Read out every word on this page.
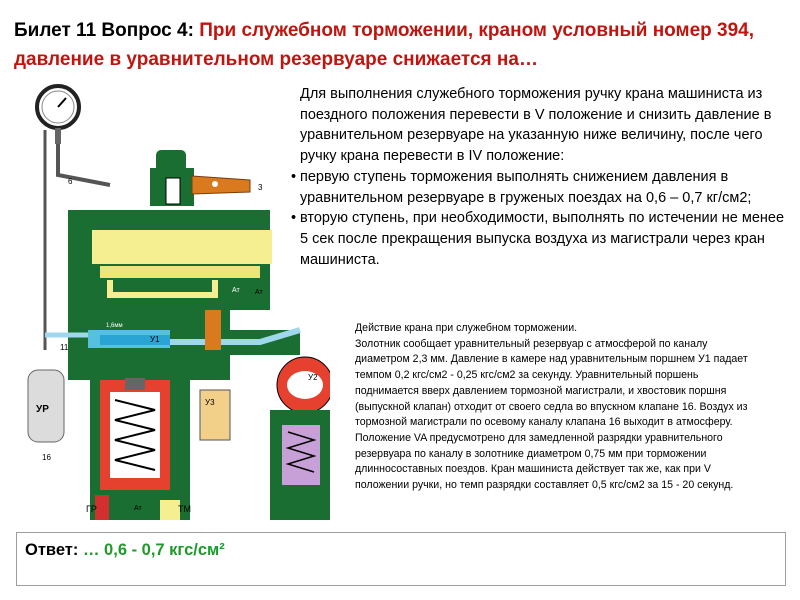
Билет 11 Вопрос 4: При служебном торможении, краном условный номер 394, давление в уравнительном резервуаре снижается на…
6
3
1,6мм
У1
Ат
11
У3
У2
Ат
УР
16
ГР	Ат	ТМ

Для выполнения служебного торможения ручку крана машиниста из поездного положения перевести в V положение и снизить давление в уравнительном резервуаре на указанную ниже величину, после чего ручку крана перевести в IV положение:

• первую ступень торможения выполнять снижением давления в уравнительном резервуаре в груженых поездах на 0,6 – 0,7 кг/см2;
• вторую ступень, при необходимости, выполнять по истечении не менее 5 сек после прекращения выпуска воздуха из магистрали через кран машиниста.

Действие крана при служебном торможении.

Золотник сообщает уравнительный резервуар с атмосферой по каналу диаметром 2,3 мм. Давление в камере над уравнительным поршнем У1 падает темпом 0,2 кгс/см2 - 0,25 кгс/см2 за секунду. Уравнительный поршень поднимается вверх давлением тормозной магистрали, и хвостовик поршня (выпускной клапан) отходит от своего седла во впускном клапане 16. Воздух из тормозной магистрали по осевому каналу клапана 16 выходит в атмосферу.

Положение VA предусмотрено для замедленной разрядки уравнительного резервуара по каналу в золотнике диаметром 0,75 мм при торможении длинносоставных поездов. Кран машиниста действует так же, как при V положении ручки, но темп разрядки составляет 0,5 кгс/см2 за 15 - 20 секунд.

Ответ: … 0,6 - 0,7 кгс/см²
